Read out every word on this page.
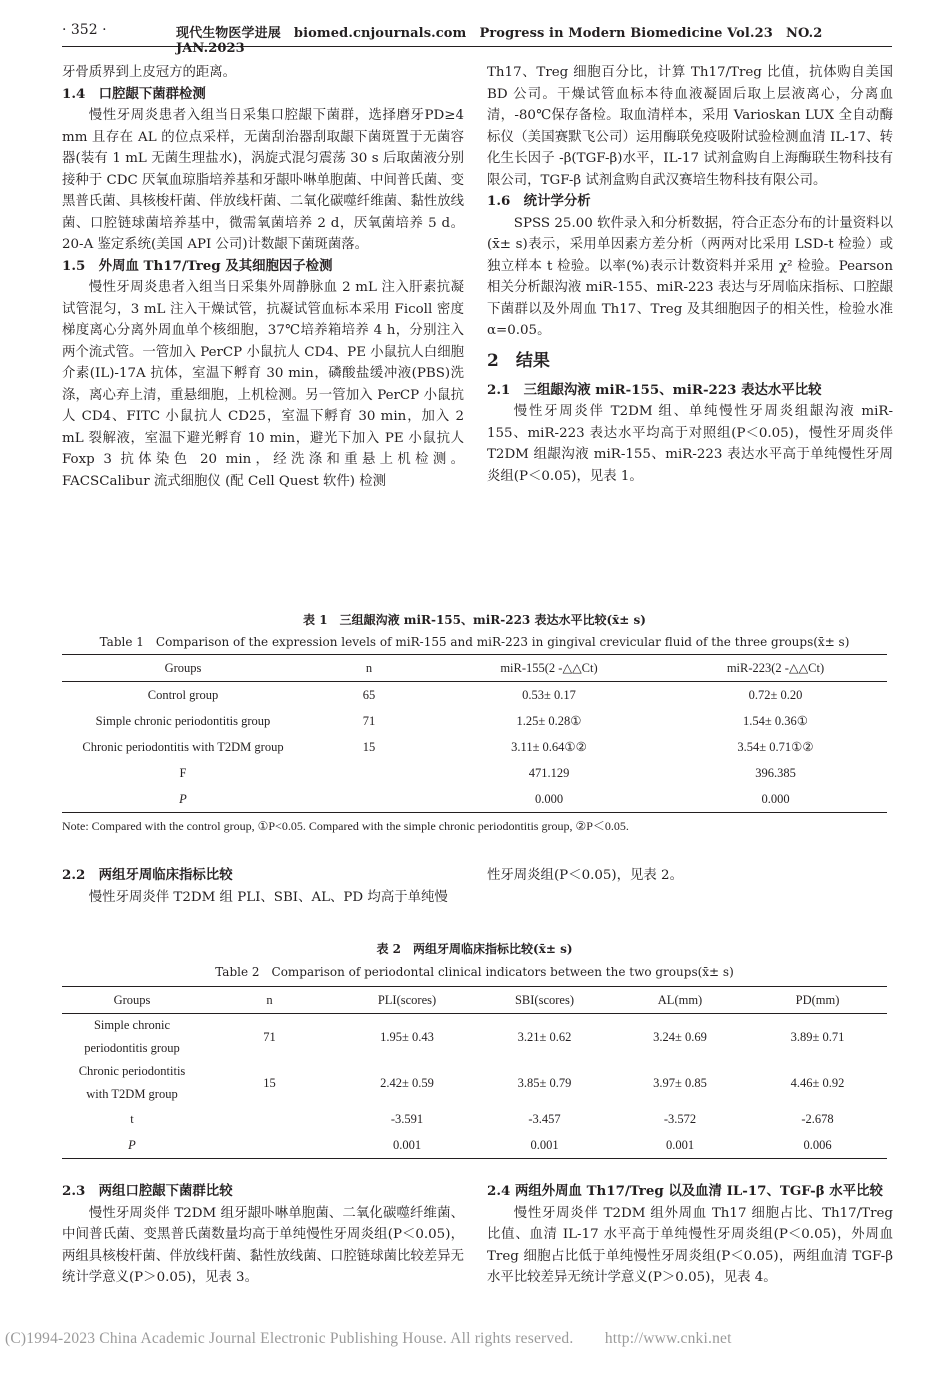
· 352 ·	现代生物医学进展　biomed.cnjournals.com　Progress in Modern Biomedicine Vol.23　NO.2　JAN.2023

牙骨质界到上皮冠方的距离。

1.4　口腔龈下菌群检测

慢性牙周炎患者入组当日采集口腔龈下菌群，选择磨牙PD≥4 mm 且存在 AL 的位点采样，无菌刮治器刮取龈下菌斑置于无菌容器(装有 1 mL 无菌生理盐水)，涡旋式混匀震荡 30 s 后取菌液分别接种于 CDC 厌氧血琼脂培养基和牙龈卟啉单胞菌、中间普氏菌、变黑普氏菌、具核梭杆菌、伴放线杆菌、二氧化碳噬纤维菌、黏性放线菌、口腔链球菌培养基中，微需氧菌培养 2 d，厌氧菌培养 5 d。20-A 鉴定系统(美国 API 公司)计数龈下菌斑菌落。

1.5　外周血 Th17/Treg 及其细胞因子检测

慢性牙周炎患者入组当日采集外周静脉血 2 mL 注入肝素抗凝试管混匀，3 mL 注入干燥试管，抗凝试管血标本采用 Ficoll 密度梯度离心分离外周血单个核细胞，37℃培养箱培养 4 h，分别注入两个流式管。一管加入 PerCP 小鼠抗人 CD4、PE 小鼠抗人白细胞介素(IL)-17A 抗体，室温下孵育 30 min，磷酸盐缓冲液(PBS)洗涤，离心弃上清，重悬细胞，上机检测。另一管加入 PerCP 小鼠抗人 CD4、FITC 小鼠抗人 CD25，室温下孵育 30 min，加入 2 mL 裂解液，室温下避光孵育 10 min，避光下加入 PE 小鼠抗人 Foxp 3 抗体染色 20 min，经洗涤和重悬上机检测。FACSCalibur 流式细胞仪 (配 Cell Quest 软件) 检测

Th17、Treg 细胞百分比，计算 Th17/Treg 比值，抗体购自美国 BD 公司。干燥试管血标本待血液凝固后取上层液离心，分离血清，-80℃保存备检。取血清样本，采用 Varioskan LUX 全自动酶标仪（美国赛默飞公司）运用酶联免疫吸附试验检测血清 IL-17、转化生长因子 -β(TGF-β)水平，IL-17 试剂盒购自上海酶联生物科技有限公司，TGF-β 试剂盒购自武汉赛培生物科技有限公司。

1.6　统计学分析

SPSS 25.00 软件录入和分析数据，符合正态分布的计量资料以(x̄± s)表示，采用单因素方差分析（两两对比采用 LSD-t 检验）或独立样本 t 检验。以率(%)表示计数资料并采用 χ² 检验。Pearson 相关分析龈沟液 miR-155、miR-223 表达与牙周临床指标、口腔龈下菌群以及外周血 Th17、Treg 及其细胞因子的相关性，检验水准α=0.05。

2　结果
2.1　三组龈沟液 miR-155、miR-223 表达水平比较

慢性牙周炎伴 T2DM 组、单纯慢性牙周炎组龈沟液 miR-155、miR-223 表达水平均高于对照组(P＜0.05)，慢性牙周炎伴 T2DM 组龈沟液 miR-155、miR-223 表达水平高于单纯慢性牙周炎组(P＜0.05)，见表 1。

表 1　三组龈沟液 miR-155、miR-223 表达水平比较(x̄± s)
Table 1　Comparison of the expression levels of miR-155 and miR-223 in gingival crevicular fluid of the three groups(x̄± s)
Groups	n	miR-155(2 -△△Ct)	miR-223(2 -△△Ct)
Control group	65	0.53± 0.17	0.72± 0.20
Simple chronic periodontitis group	71	1.25± 0.28①	1.54± 0.36①
Chronic periodontitis with T2DM group	15	3.11± 0.64①②	3.54± 0.71①②
F		471.129	396.385
P		0.000	0.000
Note: Compared with the control group, ①P<0.05. Compared with the simple chronic periodontitis group, ②P＜0.05.
2.2　两组牙周临床指标比较

慢性牙周炎伴 T2DM 组 PLI、SBI、AL、PD 均高于单纯慢

性牙周炎组(P＜0.05)，见表 2。

表 2　两组牙周临床指标比较(x̄± s)
Table 2　Comparison of periodontal clinical indicators between the two groups(x̄± s)
Groups	n	PLI(scores)	SBI(scores)	AL(mm)	PD(mm)
Simple chronic periodontitis group	71	1.95± 0.43	3.21± 0.62	3.24± 0.69	3.89± 0.71
Chronic periodontitis with T2DM group	15	2.42± 0.59	3.85± 0.79	3.97± 0.85	4.46± 0.92
t		-3.591	-3.457	-3.572	-2.678
P		0.001	0.001	0.001	0.006
2.3　两组口腔龈下菌群比较

慢性牙周炎伴 T2DM 组牙龈卟啉单胞菌、二氧化碳噬纤维菌、中间普氏菌、变黑普氏菌数量均高于单纯慢性牙周炎组(P＜0.05)，两组具核梭杆菌、伴放线杆菌、黏性放线菌、口腔链球菌比较差异无统计学意义(P＞0.05)，见表 3。

2.4 两组外周血 Th17/Treg 以及血清 IL-17、TGF-β 水平比较

慢性牙周炎伴 T2DM 组外周血 Th17 细胞占比、Th17/Treg 比值、血清 IL-17 水平高于单纯慢性牙周炎组(P＜0.05)，外周血Treg 细胞占比低于单纯慢性牙周炎组(P＜0.05)，两组血清 TGF-β 水平比较差异无统计学意义(P＞0.05)，见表 4。

(C)1994-2023 China Academic Journal Electronic Publishing House. All rights reserved.　　http://www.cnki.net
